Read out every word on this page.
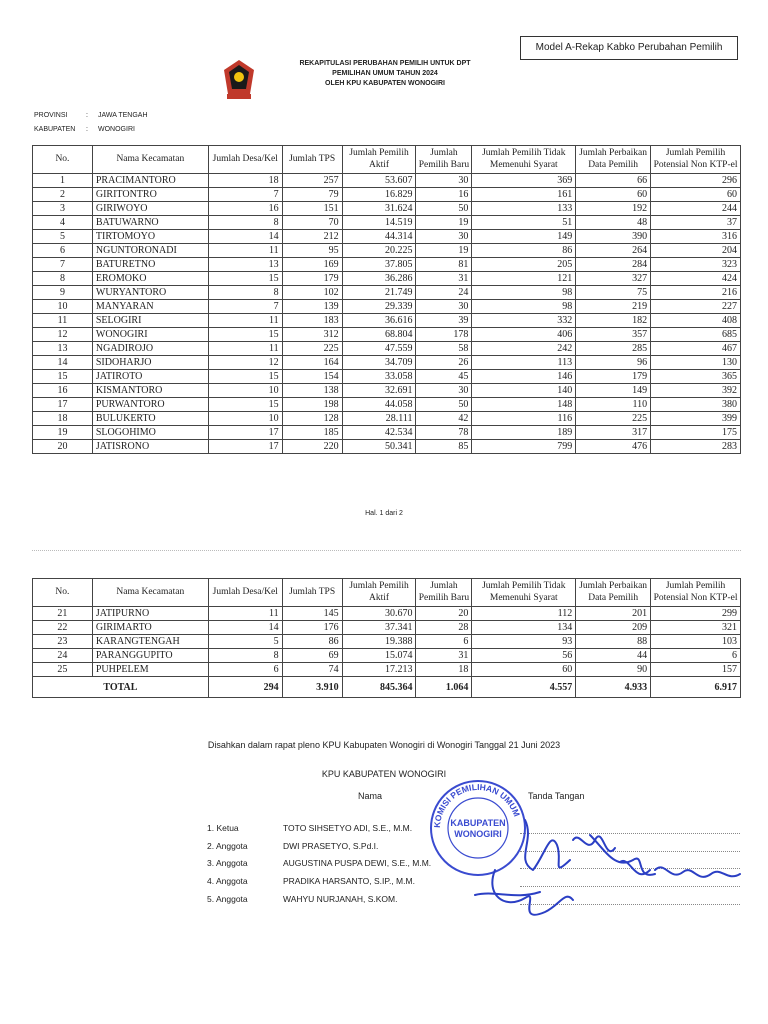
Model A-Rekap Kabko Perubahan Pemilih
REKAPITULASI PERUBAHAN PEMILIH UNTUK DPT
PEMILIHAN UMUM TAHUN 2024
OLEH KPU KABUPATEN WONOGIRI
PROVINSI	: JAWA TENGAH
KABUPATEN : WONOGIRI
No.	Nama Kecamatan	Jumlah Desa/Kel	Jumlah TPS	Jumlah Pemilih Aktif	Jumlah Pemilih Baru	Jumlah Pemilih Tidak Memenuhi Syarat	Jumlah Perbaikan Data Pemilih	Jumlah Pemilih Potensial Non KTP-el
1	PRACIMANTORO	18	257	53.607	30	369	66	296
2	GIRITONTRO	7	79	16.829	16	161	60	60
3	GIRIWOYO	16	151	31.624	50	133	192	244
4	BATUWARNO	8	70	14.519	19	51	48	37
5	TIRTOMOYO	14	212	44.314	30	149	390	316
6	NGUNTORONADI	11	95	20.225	19	86	264	204
7	BATURETNO	13	169	37.805	81	205	284	323
8	EROMOKO	15	179	36.286	31	121	327	424
9	WURYANTORO	8	102	21.749	24	98	75	216
10	MANYARAN	7	139	29.339	30	98	219	227
11	SELOGIRI	11	183	36.616	39	332	182	408
12	WONOGIRI	15	312	68.804	178	406	357	685
13	NGADIROJO	11	225	47.559	58	242	285	467
14	SIDOHARJO	12	164	34.709	26	113	96	130
15	JATIROTO	15	154	33.058	45	146	179	365
16	KISMANTORO	10	138	32.691	30	140	149	392
17	PURWANTORO	15	198	44.058	50	148	110	380
18	BULUKERTO	10	128	28.111	42	116	225	399
19	SLOGOHIMO	17	185	42.534	78	189	317	175
20	JATISRONO	17	220	50.341	85	799	476	283
Hal. 1 dari 2
No.	Nama Kecamatan	Jumlah Desa/Kel	Jumlah TPS	Jumlah Pemilih Aktif	Jumlah Pemilih Baru	Jumlah Pemilih Tidak Memenuhi Syarat	Jumlah Perbaikan Data Pemilih	Jumlah Pemilih Potensial Non KTP-el
21	JATIPURNO	11	145	30.670	20	112	201	299
22	GIRIMARTO	14	176	37.341	28	134	209	321
23	KARANGTENGAH	5	86	19.388	6	93	88	103
24	PARANGGUPITO	8	69	15.074	31	56	44	6
25	PUHPELEM	6	74	17.213	18	60	90	157
TOTAL		294	3.910	845.364	1.064	4.557	4.933	6.917
Disahkan dalam rapat pleno KPU Kabupaten Wonogiri di Wonogiri Tanggal 21 Juni 2023
KPU KABUPATEN WONOGIRI
Nama	Tanda Tangan
1. Ketua	TOTO SIHSETYO ADI, S.E., M.M.
2. Anggota	DWI PRASETYO, S.Pd.I.
3. Anggota	AUGUSTINA PUSPA DEWI, S.E., M.M.
4. Anggota	PRADIKA HARSANTO, S.IP., M.M.
5. Anggota	WAHYU NURJANAH, S.KOM.
KOMISI PEMILIHAN UMUM
KABUPATEN
WONOGIRI
